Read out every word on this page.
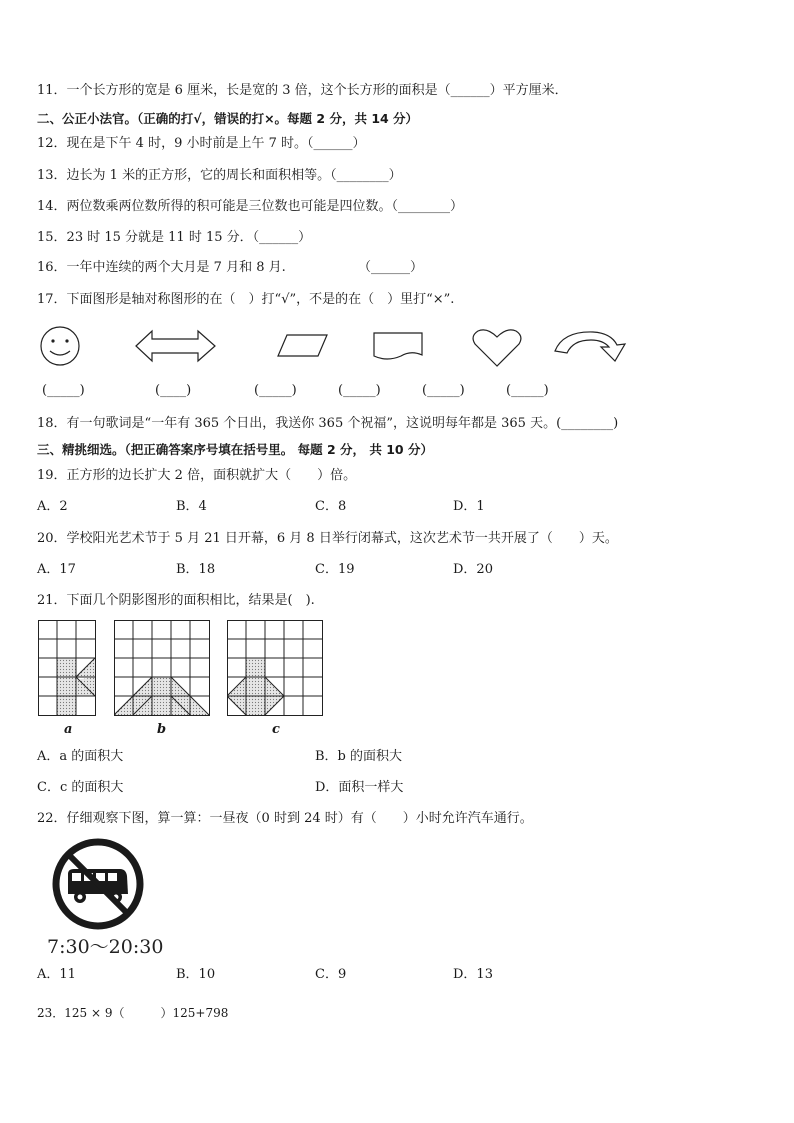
11．一个长方形的宽是 6 厘米，长是宽的 3 倍，这个长方形的面积是（______）平方厘米．
二、公正小法官。（正确的打√，错误的打×。每题 2 分，共 14 分）
12．现在是下午 4 时，9 小时前是上午 7 时。（______）
13．边长为 1 米的正方形，它的周长和面积相等。（________）
14．两位数乘两位数所得的积可能是三位数也可能是四位数。（________）
15．23 时 15 分就是 11 时 15 分．（______）
16．一年中连续的两个大月是 7 月和 8 月.	（______）
17．下面图形是轴对称图形的在（　）打“√”，不是的在（　）里打“×”.
(_____)	(____)	(_____)	(_____)	(_____)	(_____)
18．有一句歌词是“一年有 365 个日出，我送你 365 个祝福”，这说明每年都是 365 天。(________)
三、精挑细选。（把正确答案序号填在括号里。 每题 2 分， 共 10 分）
19．正方形的边长扩大 2 倍，面积就扩大（　　）倍。
A．2	B．4	C．8	D．1
20．学校阳光艺术节于 5 月 21 日开幕，6 月 8 日举行闭幕式，这次艺术节一共开展了（　　）天。
A．17	B．18	C．19	D．20
21．下面几个阴影图形的面积相比，结果是(　).
a	b	c
A．a 的面积大	B．b 的面积大
C．c 的面积大	D．面积一样大
22．仔细观察下图，算一算：一昼夜（0 时到 24 时）有（　　）小时允许汽车通行。
7:30～20:30
A．11	B．10	C．9	D．13
23．125 × 9（　　　）125+798
